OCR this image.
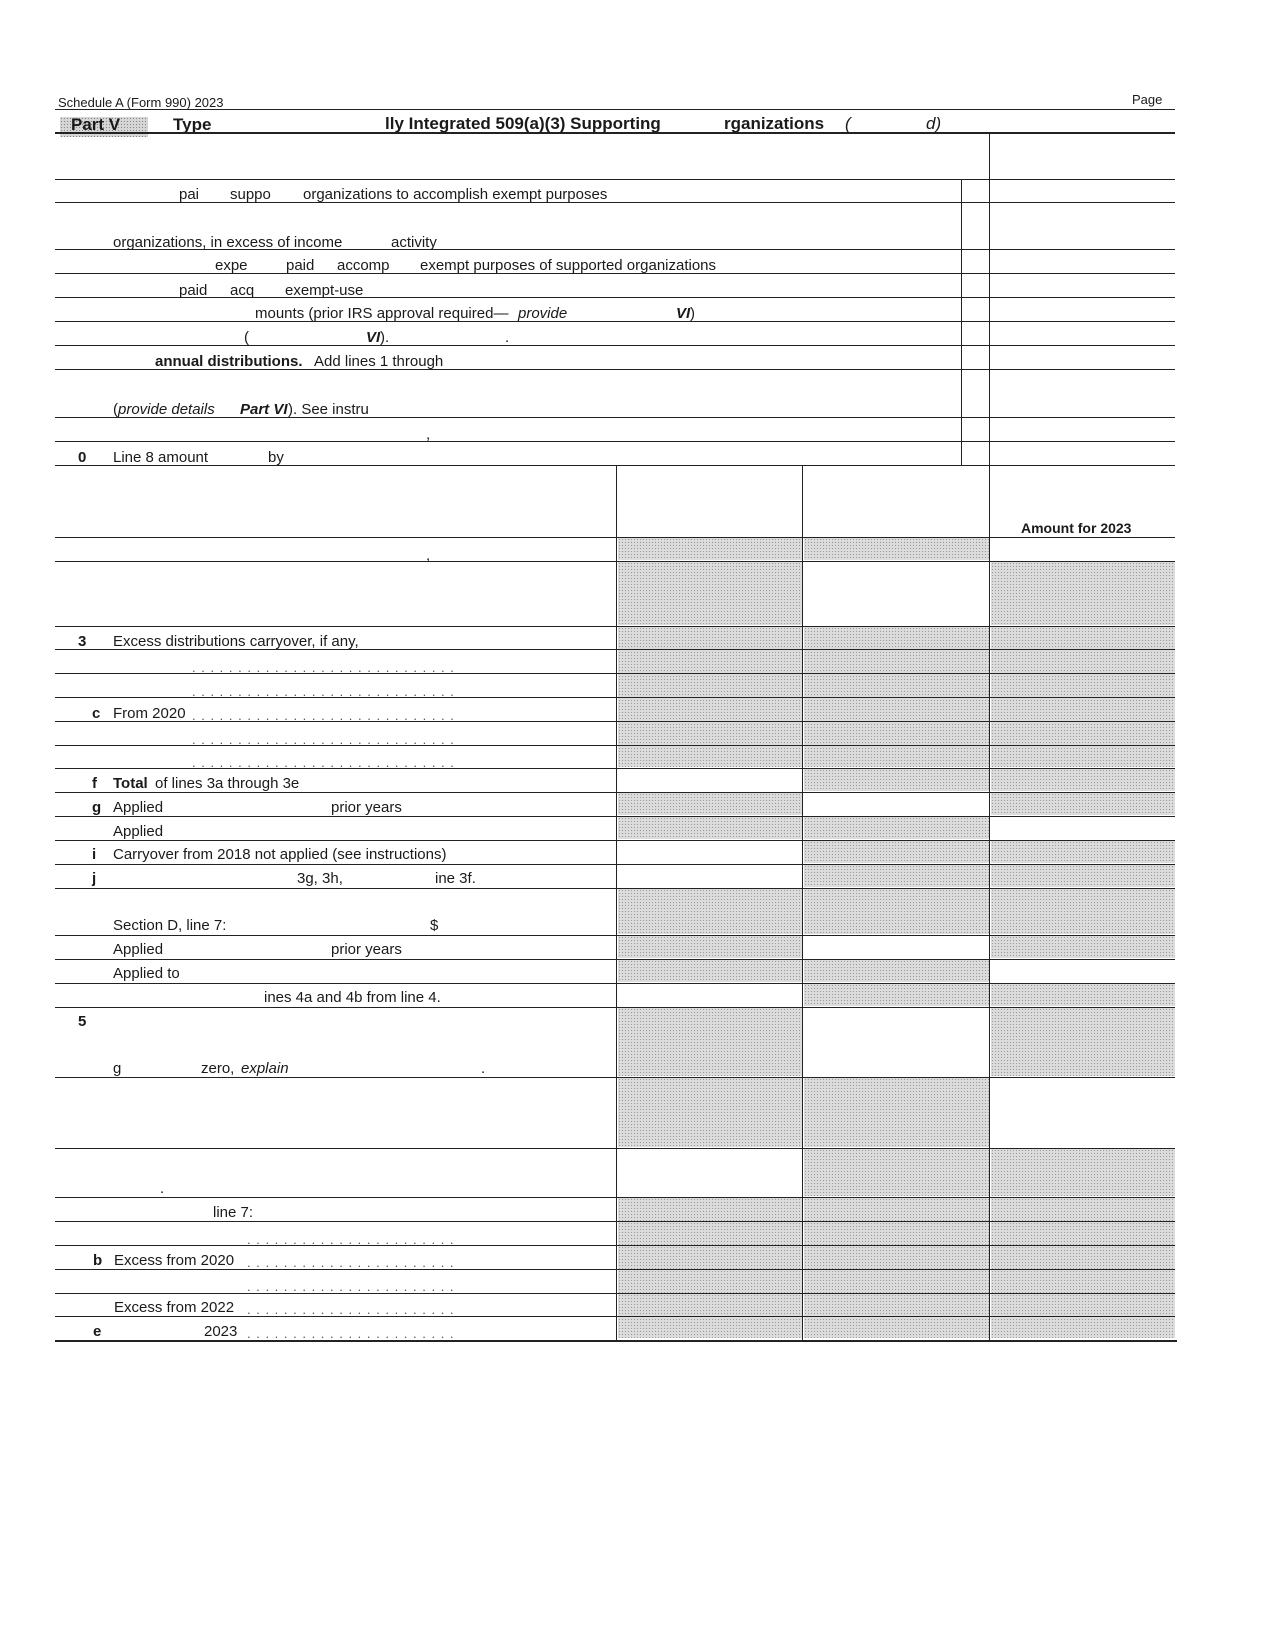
Schedule A (Form 990) 2023	Page
Part V	Type	lly Integrated 509(a)(3) Supporting	rganizations (	d)
pai suppo organizations to accomplish exempt purposes
organizations, in excess of income	activity
expe	paid accomp exempt purposes of supported organizations
paid acq exempt-use
mounts (prior IRS approval required— provide	VI )
(	VI ).	.
annual distributions. Add lines 1 through
( provide details Part VI ). See instru
,
0 Line 8 amount	by
Amount for 2023
,
3 Excess distributions carryover, if any,
. . . . . . . . . . . . . . . . . . . . . . . . . . . . .
. . . . . . . . . . . . . . . . . . . . . . . . . . . . .
c From 2020 . . . . . . . . . . . . . . . . . . . . . . . . . . . . .
. . . . . . . . . . . . . . . . . . . . . . . . . . . . .
. . . . . . . . . . . . . . . . . . . . . . . . . . . . .
f Total of lines 3a through 3e
g Applied	prior years
Applied
i Carryover from 2018 not applied (see instructions)
j	3g, 3h,	ine 3f.
Section D, line 7:	$
Applied	prior years
Applied to
ines 4a and 4b from line 4.
5
g	zero, explain	.
.
line 7:
. . . . . . . . . . . . . . . . . . . . . . .
b Excess from 2020 . . . . . . . . . . . . . . . . . . . . . . .
. . . . . . . . . . . . . . . . . . . . . . .
Excess from 2022 . . . . . . . . . . . . . . . . . . . . . . .
e	2023 . . . . . . . . . . . . . . . . . . . . . . .
